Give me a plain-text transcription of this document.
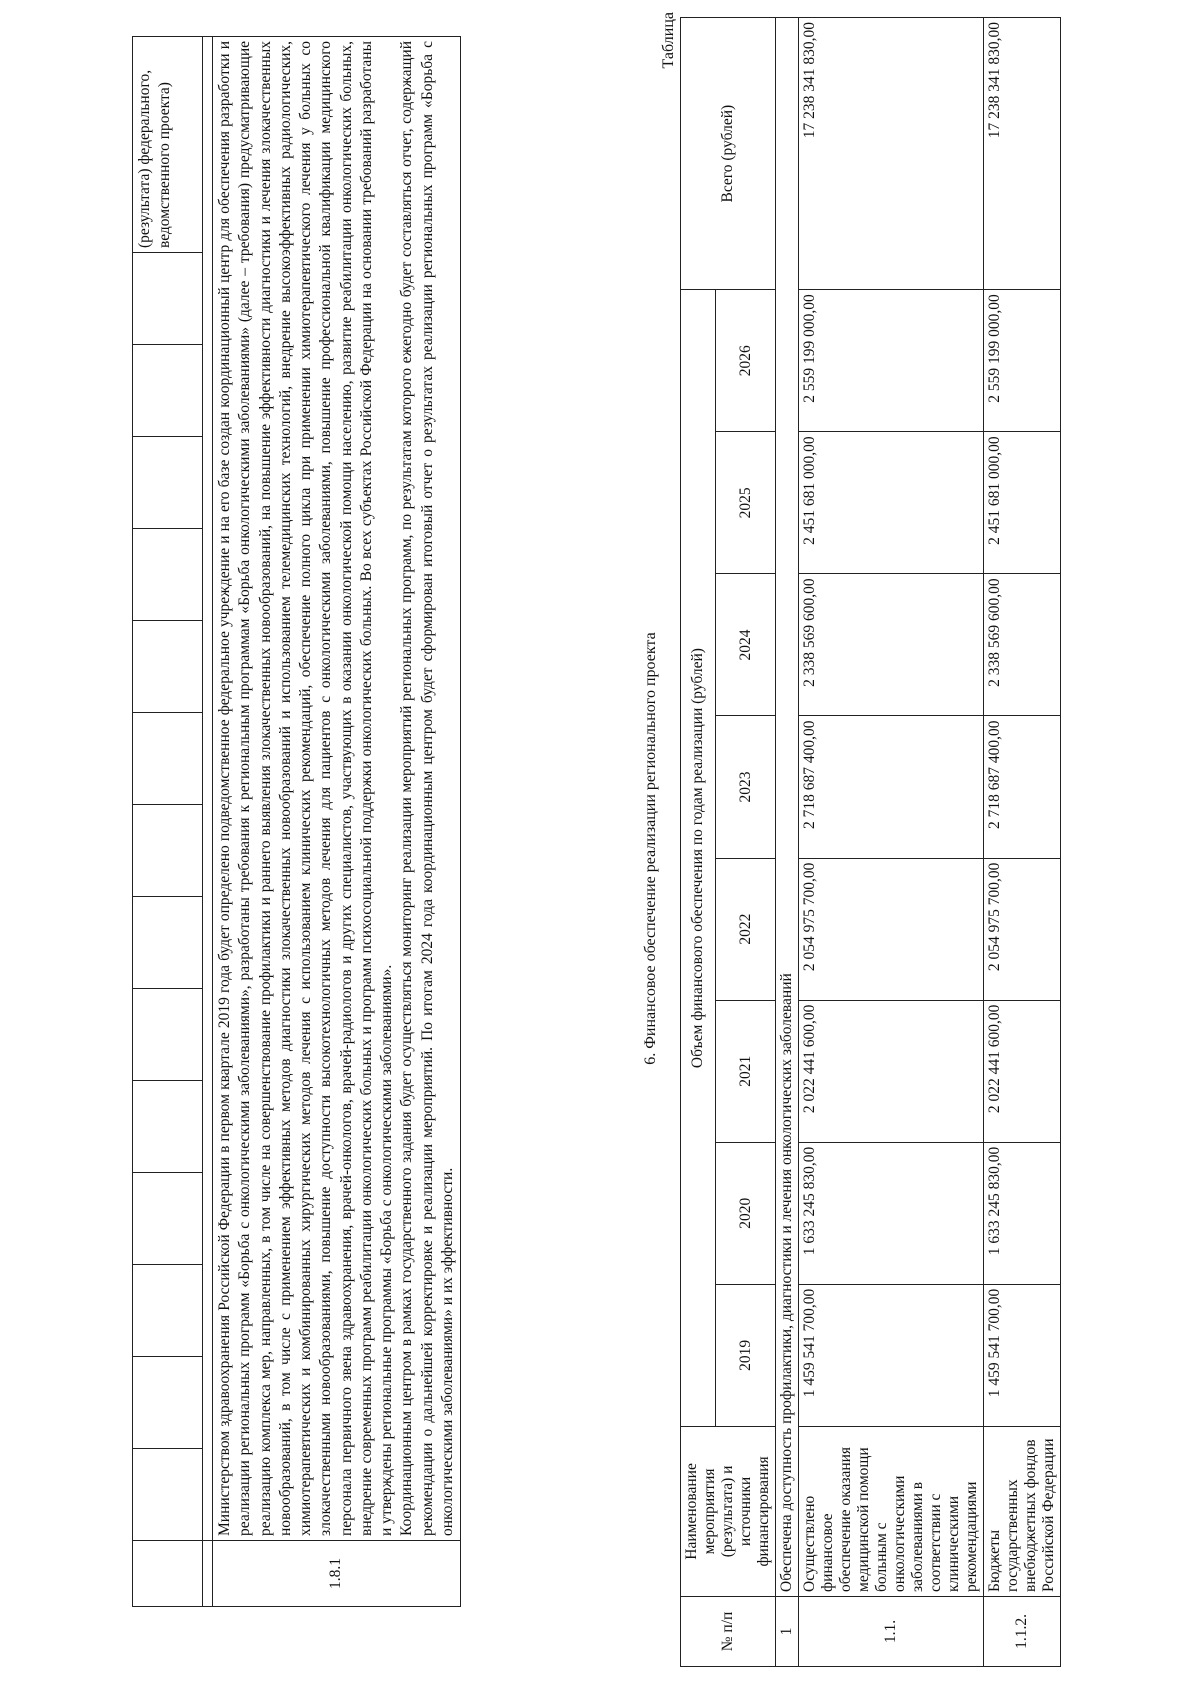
															(результата) федерального, ведомственного проекта)

1.8.1	Министерством здравоохранения Российской Федерации в первом квартале 2019 года будет определено подведомственное федеральное учреждение и на его базе создан координационный центр для обеспечения разработки и реализации региональных программ «Борьба с онкологическими заболеваниями», разработаны требования к региональным программам «Борьба онкологическими заболеваниями» (далее – требования) предусматривающие реализацию комплекса мер, направленных, в том числе на совершенствование профилактики и раннего выявления злокачественных новообразований, на повышение эффективности диагностики и лечения злокачественных новообразований, в том числе с применением эффективных методов диагностики злокачественных новообразований и использованием телемедицинских технологий, внедрение высокоэффективных радиологических, химиотерапевтических и комбинированных хирургических методов лечения с использованием клинических рекомендаций, обеспечение полного цикла при применении химиотерапевтического лечения у больных со злокачественными новообразованиями, повышение доступности высокотехнологичных методов лечения для пациентов с онкологическими заболеваниями, повышение профессиональной квалификации медицинского персонала первичного звена здравоохранения, врачей-онкологов, врачей-радиологов и других специалистов, участвующих в оказании онкологической помощи населению, развитие реабилитации онкологических больных, внедрение современных программ реабилитации онкологических больных и программ психосоциальной поддержки онкологических больных. Во всех субъектах Российской Федерации на основании требований разработаны и утверждены региональные программы «Борьба с онкологическими заболеваниями». Координационным центром в рамках государственного задания будет осуществляться мониторинг реализации мероприятий региональных программ, по результатам которого ежегодно будет составляться отчет, содержащий рекомендации о дальнейшей корректировке и реализации мероприятий. По итогам 2024 года координационным центром будет сформирован итоговый отчет о результатах реализации региональных программ «Борьба с онкологическими заболеваниями» и их эффективности.														

6. Финансовое обеспечение реализации регионального проекта
Таблица
№ п/п	Наименование мероприятия (результата) и источники финансирования	Объем финансового обеспечения по годам реализации (рублей)								Всего (рублей)
		2019	2020	2021	2022	2023	2024	2025	2026	
1	Обеспечена доступность профилактики, диагностики и лечения онкологических заболеваний									
1.1.	Осуществлено финансовое обеспечение оказания медицинской помощи больным с онкологическими заболеваниями в соответствии с клиническими рекомендациями	1 459 541 700,00	1 633 245 830,00	2 022 441 600,00	2 054 975 700,00	2 718 687 400,00	2 338 569 600,00	2 451 681 000,00	2 559 199 000,00	17 238 341 830,00
1.1.2.	Бюджеты государственных внебюджетных фондов Российской Федерации	1 459 541 700,00	1 633 245 830,00	2 022 441 600,00	2 054 975 700,00	2 718 687 400,00	2 338 569 600,00	2 451 681 000,00	2 559 199 000,00	17 238 341 830,00
